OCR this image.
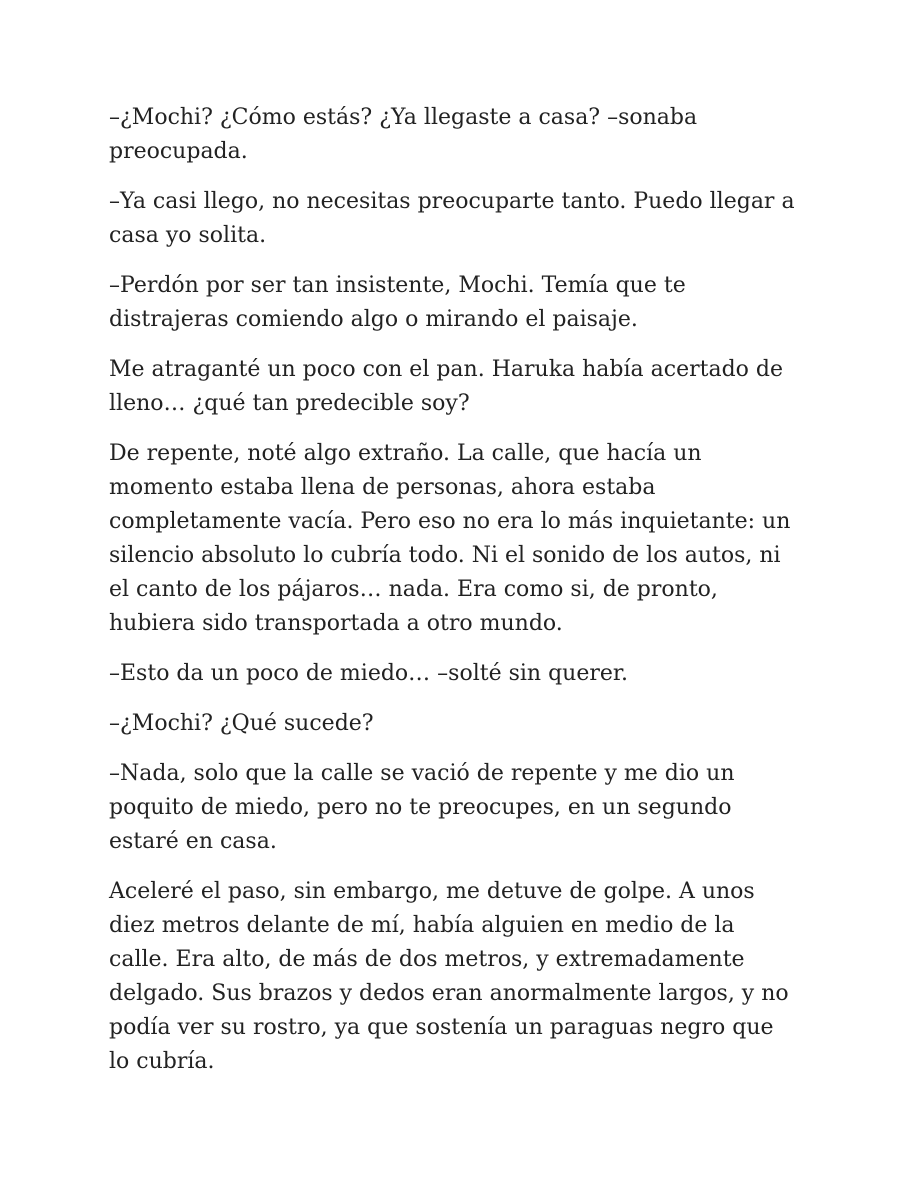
–¿Mochi? ¿Cómo estás? ¿Ya llegaste a casa? –sonaba preocupada.

–Ya casi llego, no necesitas preocuparte tanto. Puedo llegar a casa yo solita.

–Perdón por ser tan insistente, Mochi. Temía que te distrajeras comiendo algo o mirando el paisaje.

Me atraganté un poco con el pan. Haruka había acertado de lleno… ¿qué tan predecible soy?

De repente, noté algo extraño. La calle, que hacía un momento estaba llena de personas, ahora estaba completamente vacía. Pero eso no era lo más inquietante: un silencio absoluto lo cubría todo. Ni el sonido de los autos, ni el canto de los pájaros… nada. Era como si, de pronto, hubiera sido transportada a otro mundo.

–Esto da un poco de miedo… –solté sin querer.

–¿Mochi? ¿Qué sucede?

–Nada, solo que la calle se vació de repente y me dio un poquito de miedo, pero no te preocupes, en un segundo estaré en casa.

Aceleré el paso, sin embargo, me detuve de golpe. A unos diez metros delante de mí, había alguien en medio de la calle. Era alto, de más de dos metros, y extremadamente delgado. Sus brazos y dedos eran anormalmente largos, y no podía ver su rostro, ya que sostenía un paraguas negro que lo cubría.
